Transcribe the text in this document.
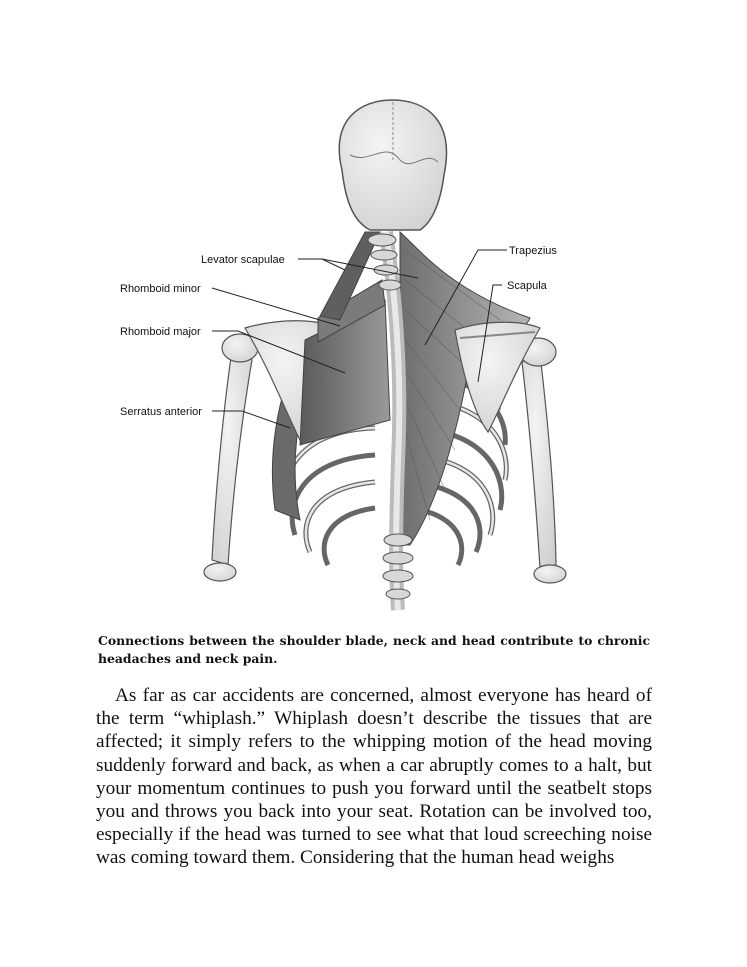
Levator scapulae
Rhomboid minor
Rhomboid major
Serratus anterior
Trapezius
Scapula

Connections between the shoulder blade, neck and head contribute to chronic headaches and neck pain.

As far as car accidents are concerned, almost everyone has heard of the term “whiplash.” Whiplash doesn’t describe the tissues that are affected; it simply refers to the whipping motion of the head moving suddenly forward and back, as when a car abruptly comes to a halt, but your momentum continues to push you forward until the seatbelt stops you and throws you back into your seat. Rotation can be involved too, especially if the head was turned to see what that loud screeching noise was coming toward them. Considering that the human head weighs
